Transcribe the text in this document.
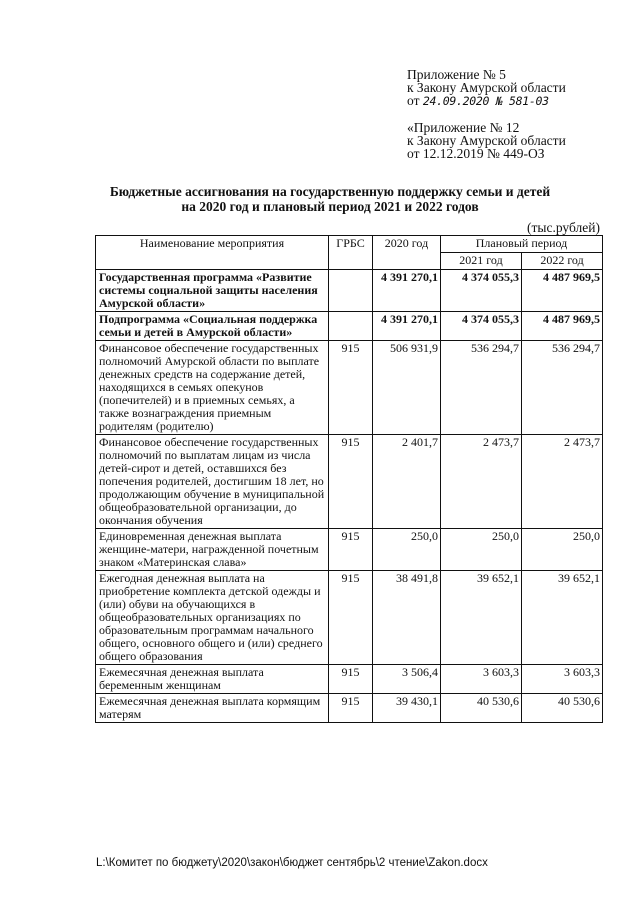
Приложение № 5
к Закону Амурской области
от 24.09.2020 № 581-03
«Приложение № 12
к Закону Амурской области
от 12.12.2019 № 449-ОЗ
Бюджетные ассигнования на государственную поддержку семьи и детей
на 2020 год и плановый период 2021 и 2022 годов
(тыс.рублей)
Наименование мероприятия	ГРБС	2020 год	Плановый период	
			2021 год	2022 год
Государственная программа «Развитие системы социальной защиты населения Амурской области»		4 391 270,1	4 374 055,3	4 487 969,5
Подпрограмма «Социальная поддержка семьи и детей в Амурской области»		4 391 270,1	4 374 055,3	4 487 969,5
Финансовое обеспечение государственных полномочий Амурской области по выплате денежных средств на содержание детей, находящихся в семьях опекунов (попечителей) и в приемных семьях, а также вознаграждения приемным родителям (родителю)	915	506 931,9	536 294,7	536 294,7
Финансовое обеспечение государственных полномочий по выплатам лицам из числа детей-сирот и детей, оставшихся без попечения родителей, достигшим 18 лет, но продолжающим обучение в муниципальной общеобразовательной организации, до окончания обучения	915	2 401,7	2 473,7	2 473,7
Единовременная денежная выплата женщине-матери, награжденной почетным знаком «Материнская слава»	915	250,0	250,0	250,0
Ежегодная денежная выплата на приобретение комплекта детской одежды и (или) обуви на обучающихся в общеобразовательных организациях по образовательным программам начального общего, основного общего и (или) среднего общего образования	915	38 491,8	39 652,1	39 652,1
Ежемесячная денежная выплата беременным женщинам	915	3 506,4	3 603,3	3 603,3
Ежемесячная денежная выплата кормящим матерям	915	39 430,1	40 530,6	40 530,6
L:\Комитет по бюджету\2020\закон\бюджет сентябрь\2 чтение\Zakon.docx
